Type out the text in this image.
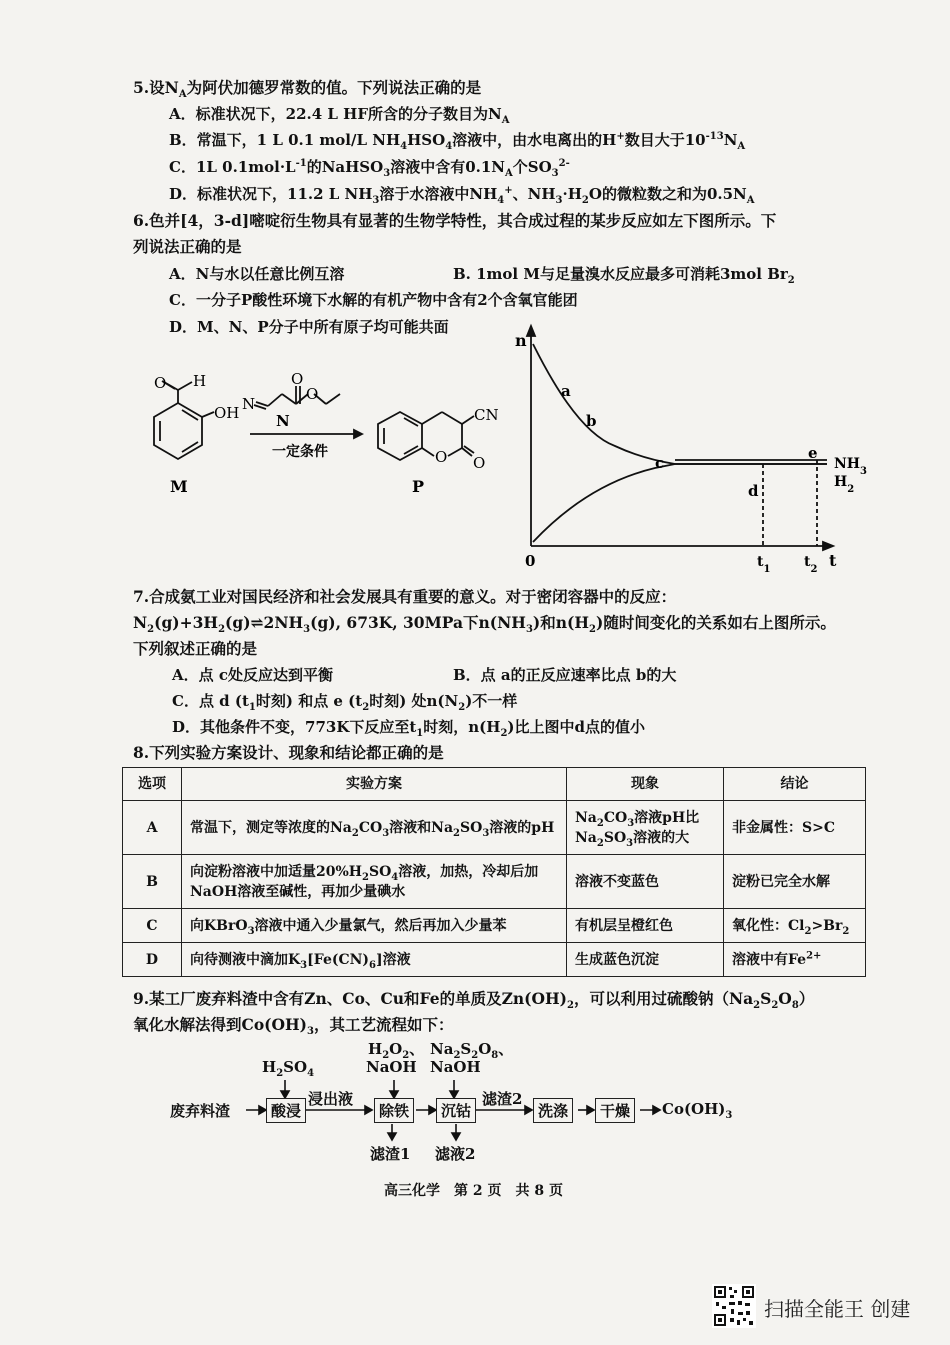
5.设$N_A$为阿伏加德罗常数的值。下列说法正确的是
A．标准状况下，22.4 L HF所含的分子数目为$N_A$
B．常温下，1 L 0.1 mol/L $NH_4HSO_4$溶液中，由水电离出的H+数目大于$10^{-13}N_A$
C．1L $0.1mol\cdot L^{-1}$的NaHSO$_3$溶液中含有$0.1N_A$个$SO_3^{2-}$
D．标准状况下，11.2 L $NH_3$溶于水溶液中$NH_4^+$、$NH_3\cdot H_2O$的微粒数之和为$0.5N_A$
6.色并[4，3-d]嘧啶衍生物具有显著的生物学特性，其合成过程的某步反应如左下图所示。下
列说法正确的是
A．N与水以任意比例互溶	B. 1mol M与足量溴水反应最多可消耗3mol $Br_2$
C．一分子P酸性环境下水解的有机产物中含有2个含氧官能团
D．M、N、P分子中所有原子均可能共面
O H
OH
M
N
O
O
N
一定条件
CN
O O
P
n
0	t
a
b
c
d
e
$NH_3$
$H_2$
$t_1$ $t_2$
7.合成氨工业对国民经济和社会发展具有重要的意义。对于密闭容器中的反应：
$N_2(g)+3H_2(g)\rightleftharpoons 2NH_3(g)$, 673K, 30MPa下$n(NH_3)$和$n(H_2)$随时间变化的关系如右上图所示。
下列叙述正确的是
A．点 c处反应达到平衡	B．点 a的正反应速率比点 b的大
C．点 d ($t_1$时刻) 和点 e ($t_2$时刻) 处$n(N_2)$不一样
D．其他条件不变，773K下反应至$t_1$时刻，$n(H_2)$比上图中d点的值小
8.下列实验方案设计、现象和结论都正确的是
选项	实验方案	现象	结论
A	常温下，测定等浓度的$Na_2CO_3$溶液和$Na_2SO_3$溶液的pH	$Na_2CO_3$溶液pH比$Na_2SO_3$溶液的大	非金属性：S>C
B	向淀粉溶液中加适量$20\%H_2SO_4$溶液，加热，冷却后加NaOH溶液至碱性，再加少量碘水	溶液不变蓝色	淀粉已完全水解
C	向KBrO$_3$溶液中通入少量氯气，然后再加入少量苯	有机层呈橙红色	氧化性：$Cl_2>Br_2$
D	向待测液中滴加$K_3[Fe(CN)_6]$溶液	生成蓝色沉淀	溶液中有$Fe^{2+}$
9.某工厂废弃料渣中含有Zn、Co、Cu和Fe的单质及$Zn(OH)_2$，可以利用过硫酸钠$(Na_2S_2O_8)$
氧化水解法得到$Co(OH)_3$，其工艺流程如下：
废弃料渣
$H_2SO_4$
酸浸
浸出液
$H_2O_2$、
NaOH
除铁
$Na_2S_2O_8$、
NaOH
沉钴
滤渣2
洗涤	干燥	$Co(OH)_3$
滤渣1 滤液2
高三化学　第 2 页　共 8 页
扫描全能王 创建
